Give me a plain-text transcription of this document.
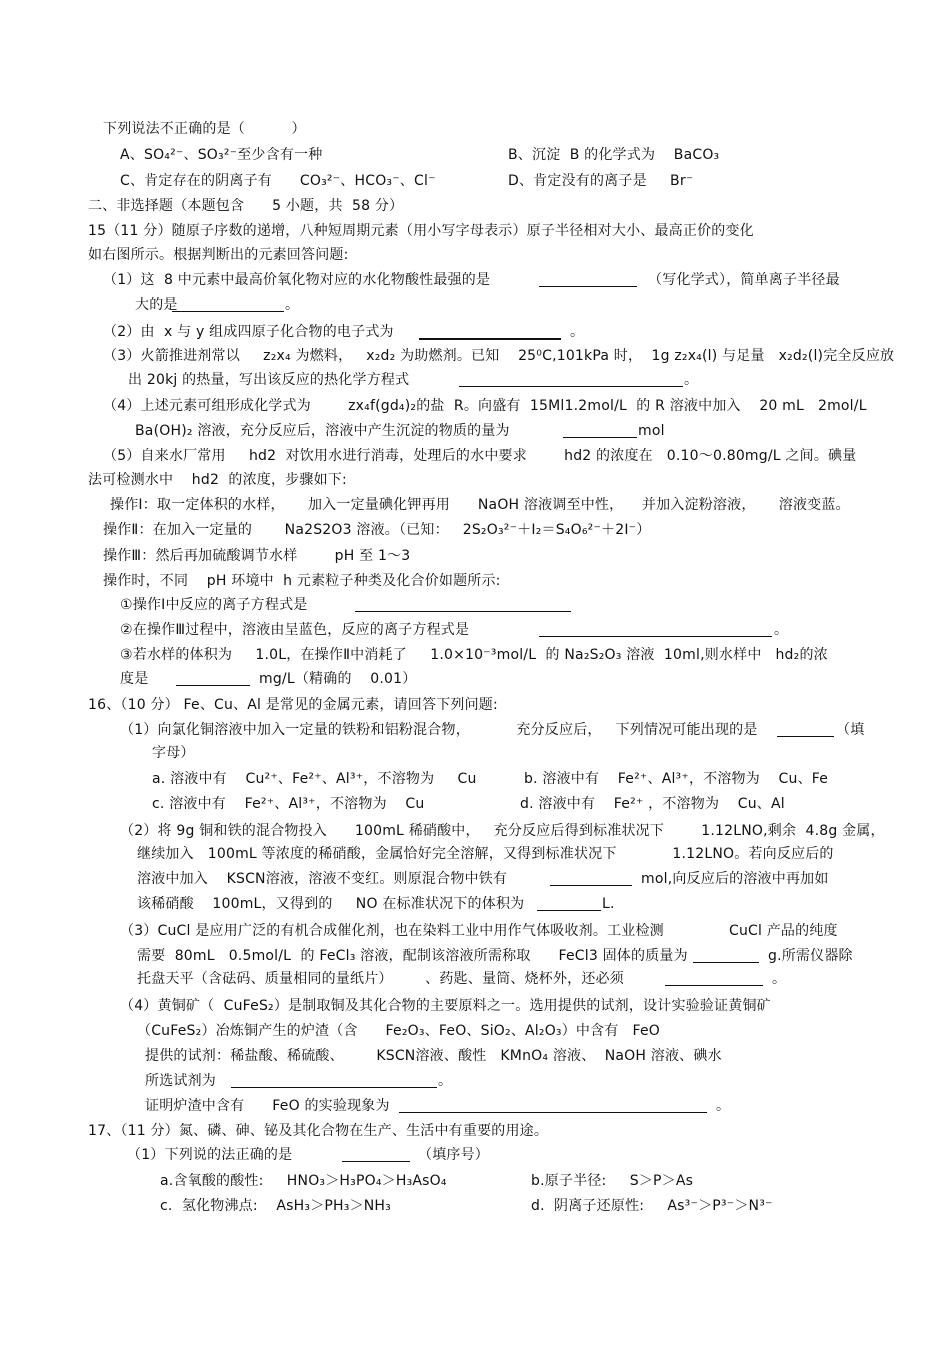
下列说法不正确的是（          ）
A、SO₄²⁻、SO₃²⁻至少含有一种	B、沉淀  B 的化学式为    BaCO₃
C、肯定存在的阴离子有      CO₃²⁻、HCO₃⁻、Cl⁻	D、肯定没有的离子是     Br⁻
二、非选择题（本题包含      5 小题，共  58 分）
15（11 分）随原子序数的递增，八种短周期元素（用小写字母表示）原子半径相对大小、最高正价的变化
如右图所示。根据判断出的元素回答问题:
（1）这  8 中元素中最高价氧化物对应的水化物酸性最强的是	（写化学式），简单离子半径最
大的是	。
（2）由  x 与 y 组成四原子化合物的电子式为	。
（3）火箭推进剂常以     z₂x₄ 为燃料，   x₂d₂ 为助燃剂。已知    25⁰C,101kPa 时，  1g z₂x₄(l) 与足量   x₂d₂(l)完全反应放
出 20kj 的热量，写出该反应的热化学方程式	。
（4）上述元素可组形成化学式为        zx₄f(gd₄)₂的盐  R。向盛有  15Ml1.2mol/L  的 R 溶液中加入    20 mL   2mol/L
Ba(OH)₂ 溶液，充分反应后，溶液中产生沉淀的物质的量为	mol
（5）自来水厂常用     hd2  对饮用水进行消毒，处理后的水中要求        hd2 的浓度在   0.10～0.80mg/L 之间。碘量
法可检测水中    hd2  的浓度，步骤如下:
操作Ⅰ：取一定体积的水样，     加入一定量碘化钾再用      NaOH 溶液调至中性，    并加入淀粉溶液，     溶液变蓝。
操作Ⅱ：在加入一定量的       Na2S2O3 溶液。（已知：   2S₂O₃²⁻＋I₂＝S₄O₆²⁻＋2I⁻）
操作Ⅲ：然后再加硫酸调节水样        pH 至 1～3
操作时，不同    pH 环境中  h 元素粒子种类及化合价如题所示:
①操作Ⅰ中反应的离子方程式是
②在操作Ⅲ过程中，溶液由呈蓝色，反应的离子方程式是	。
③若水样的体积为     1.0L，在操作Ⅱ中消耗了     1.0×10⁻³mol/L  的 Na₂S₂O₃ 溶液  10ml,则水样中   hd₂的浓
度是	mg/L（精确的    0.01）
16、（10 分） Fe、Cu、Al 是常见的金属元素，请回答下列问题:
（1）向氯化铜溶液中加入一定量的铁粉和铝粉混合物，          充分反应后，   下列情况可能出现的是	（填
字母）
a. 溶液中有    Cu²⁺、Fe²⁺、Al³⁺，不溶物为     Cu	b. 溶液中有    Fe²⁺、Al³⁺，不溶物为    Cu、Fe
c. 溶液中有    Fe²⁺、Al³⁺，不溶物为    Cu	d. 溶液中有    Fe²⁺ ，不溶物为    Cu、Al
（2）将 9g 铜和铁的混合物投入      100mL 稀硝酸中，   充分反应后得到标准状况下        1.12LNO,剩余  4.8g 金属，
继续加入   100mL 等浓度的稀硝酸，金属恰好完全溶解，又得到标准状况下            1.12LNO。若向反应后的
溶液中加入    KSCN溶液，溶液不变红。则原混合物中铁有	mol,向反应后的溶液中再加如
该稀硝酸    100mL，又得到的     NO 在标准状况下的体积为	L.
（3）CuCl 是应用广泛的有机合成催化剂，也在染料工业中用作气体吸收剂。工业检测              CuCl 产品的纯度
需要  80mL   0.5mol/L  的 FeCl₃ 溶液，配制该溶液所需称取      FeCl3 固体的质量为	g.所需仪器除
托盘天平（含砝码、质量相同的量纸片）       、药匙、量筒、烧杯外，还必须	。
（4）黄铜矿（  CuFeS₂）是制取铜及其化合物的主要原料之一。选用提供的试剂，设计实验验证黄铜矿
（CuFeS₂）冶炼铜产生的炉渣（含      Fe₂O₃、FeO、SiO₂、Al₂O₃）中含有   FeO
提供的试剂：稀盐酸、稀硫酸、       KSCN溶液、酸性   KMnO₄ 溶液、  NaOH 溶液、碘水
所选试剂为	。
证明炉渣中含有      FeO 的实验现象为	。
17、（11 分）氮、磷、砷、铋及其化合物在生产、生活中有重要的用途。
（1）下列说的法正确的是	（填序号）
a.含氧酸的酸性:     HNO₃＞H₃PO₄＞H₃AsO₄	b.原子半径:     S＞P＞As
c.  氢化物沸点:    AsH₃＞PH₃＞NH₃	d.  阴离子还原性:     As³⁻＞P³⁻＞N³⁻
